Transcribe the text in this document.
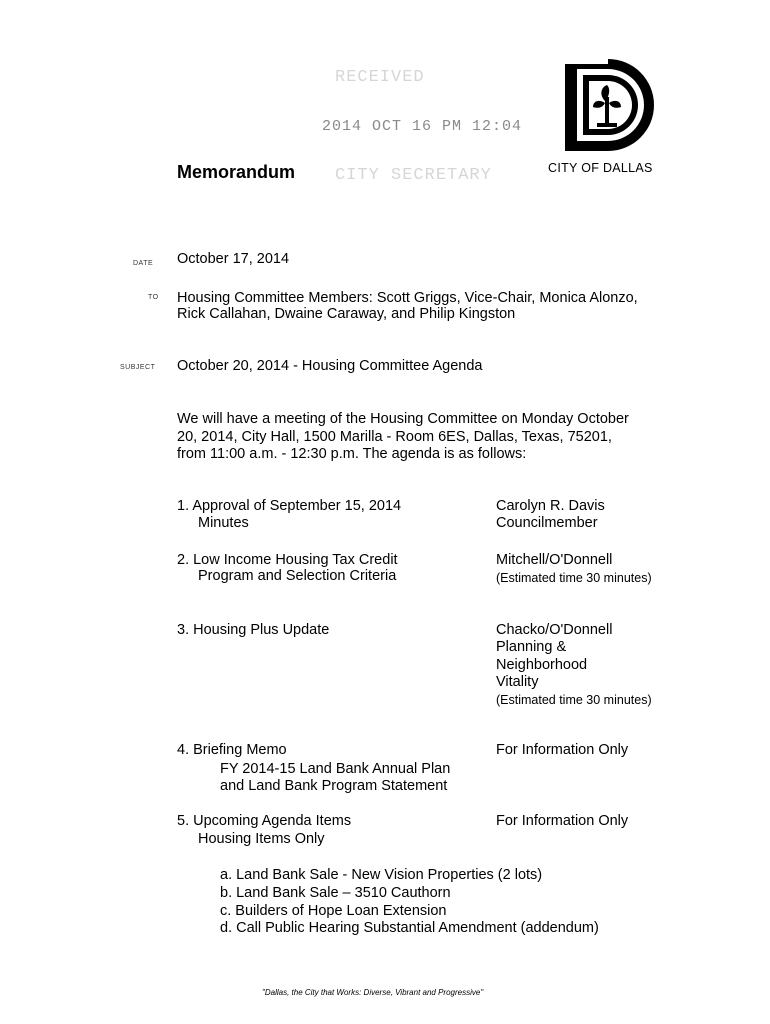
RECEIVED
2014 OCT 16 PM 12:04
CITY SECRETARY
Memorandum	CITY OF DALLAS
DATE October 17, 2014
TO Housing Committee Members: Scott Griggs, Vice-Chair, Monica Alonzo,
Rick Callahan, Dwaine Caraway, and Philip Kingston
SUBJECT October 20, 2014 - Housing Committee Agenda
We will have a meeting of the Housing Committee on Monday October
20, 2014, City Hall, 1500 Marilla - Room 6ES, Dallas, Texas, 75201,
from 11:00 a.m. - 12:30 p.m. The agenda is as follows:
1. Approval of September 15, 2014
Minutes
Carolyn R. Davis
Councilmember
2. Low Income Housing Tax Credit
Program and Selection Criteria
Mitchell/O'Donnell
(Estimated time 30 minutes)
3. Housing Plus Update	Chacko/O'Donnell
Planning &
Neighborhood
Vitality
(Estimated time 30 minutes)
4. Briefing Memo
FY 2014-15 Land Bank Annual Plan
and Land Bank Program Statement
For Information Only
5. Upcoming Agenda Items
Housing Items Only
For Information Only
a. Land Bank Sale - New Vision Properties (2 lots)
b. Land Bank Sale – 3510 Cauthorn
c. Builders of Hope Loan Extension
d. Call Public Hearing Substantial Amendment (addendum)
"Dallas, the City that Works: Diverse, Vibrant and Progressive"
